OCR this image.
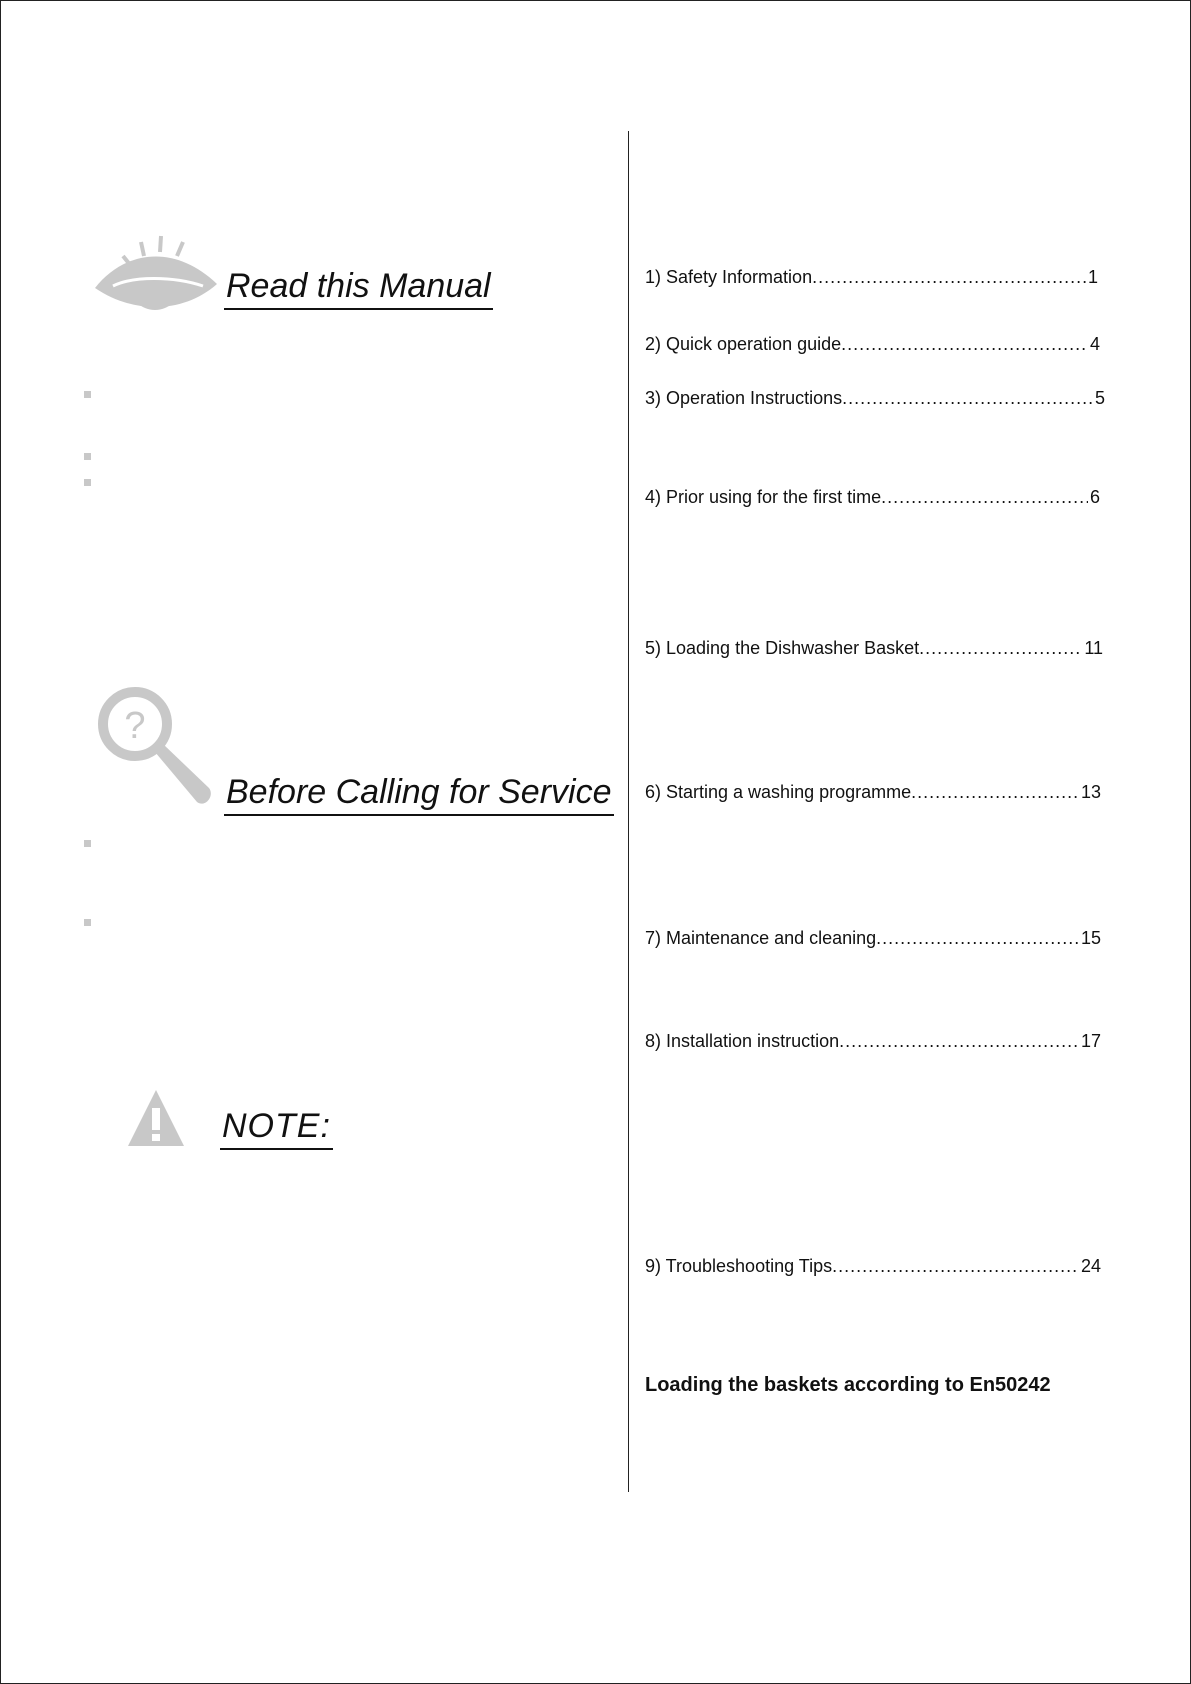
Read this Manual
?
Before Calling for Service
NOTE:
1) Safety Information .....	1
2) Quick operation guide .....	4
3) Operation Instructions .....	5
4) Prior using for the first time .....	6
5) Loading the Dishwasher Basket .....	11
6) Starting a washing programme .....	13
7) Maintenance and cleaning .....	15
8) Installation instruction .....	17
9) Troubleshooting Tips .....	24
Loading the baskets according to En50242
